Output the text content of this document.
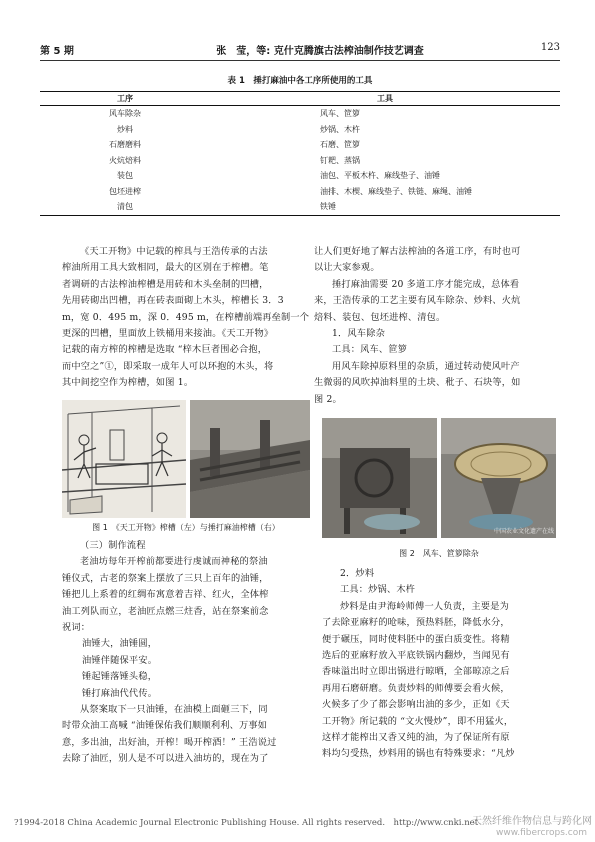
第 5 期	张　莹，等: 克什克腾旗古法榨油制作技艺调查	123
表 1　捶打麻油中各工序所使用的工具
工序	工具
风车除杂	风车、笸箩
炒料	炒锅、木杵
石磨磨料	石磨、笸箩
火炕焙料	钉耙、蒸锅
装包	油包、平板木杵、麻线垫子、油锤
包坯进榨	油排、木楔、麻线垫子、铁链、麻绳、油锤
清包	铁锤

《天工开物》中记载的榨具与王浩传承的古法

榨油所用工具大致相同，最大的区别在于榨槽。笔

者调研的古法榨油榨槽是用砖和木头垒制的凹槽，

先用砖砌出凹槽，再在砖表面砌上木头，榨槽长 3．3

m，宽 0．495 m，深 0．495 m，在榨槽前端再垒制一个

更深的凹槽，里面放上铁桶用来接油。《天工开物》

记载的南方榨的榨槽是选取 “梓木巨者围必合抱，

而中空之”①，即采取一成年人可以环抱的木头，将

其中间挖空作为榨槽，如图 1。

图 1　《天工开物》榨槽（左）与捶打麻油榨槽（右）

（三）制作流程

老油坊每年开榨前都要进行虔诚而神秘的祭油

锤仪式，古老的祭案上摆放了三只上百年的油锤，

锤把儿上系着的红绸布寓意着吉祥、红火，全体榨

油工列队而立，老油匠点燃三炷香，站在祭案前念

祝词：

油锤大，油锤圆，

油锤伴随保平安。

锤起锤落锤头稳，

锤打麻油代代传。

从祭案取下一只油锤，在油模上面砸三下，同

时带众油工高喊 “油锤保佑我们顺顺利利、万事如

意，多出油，出好油，开榨！喝开榨酒！” 王浩说过

去除了油匠，别人是不可以进入油坊的，现在为了

让人们更好地了解古法榨油的各道工序，有时也可

以让大家参观。

捶打麻油需要 20 多道工序才能完成，总体看

来，王浩传承的工艺主要有风车除杂、炒料、火炕

焙料、装包、包坯进榨、清包。

1．风车除杂

工具：风车、笸箩

用风车除掉原料里的杂质，通过转动使风叶产

生微弱的风吹掉油料里的土块、秕子、石块等，如

图 2。

中国农业文化遗产在线
图 2　风车、笸箩除杂

2．炒料

工具：炒锅、木杵

炒料是由尹海岭师傅一人负责，主要是为

了去除亚麻籽的呛味，预热料胚，降低水分，

便于碾压，同时使料胚中的蛋白质变性。将精

选后的亚麻籽放入平底铁锅内翻炒，当闻见有

香味溢出时立即出锅进行晾晒，全部晾凉之后

再用石磨研磨。负责炒料的师傅要会看火候，

火候多了少了都会影响出油的多少，正如《天

工开物》所记载的 “文火慢炒”，即不用猛火，

这样才能榨出又香又纯的油，为了保证所有原

料均匀受热，炒料用的锅也有特殊要求：“凡炒

?1994-2018 China Academic Journal Electronic Publishing House. All rights reserved.　http://www.cnki.net
天然纤维作物信息与跨化网
www.fibercrops.com
